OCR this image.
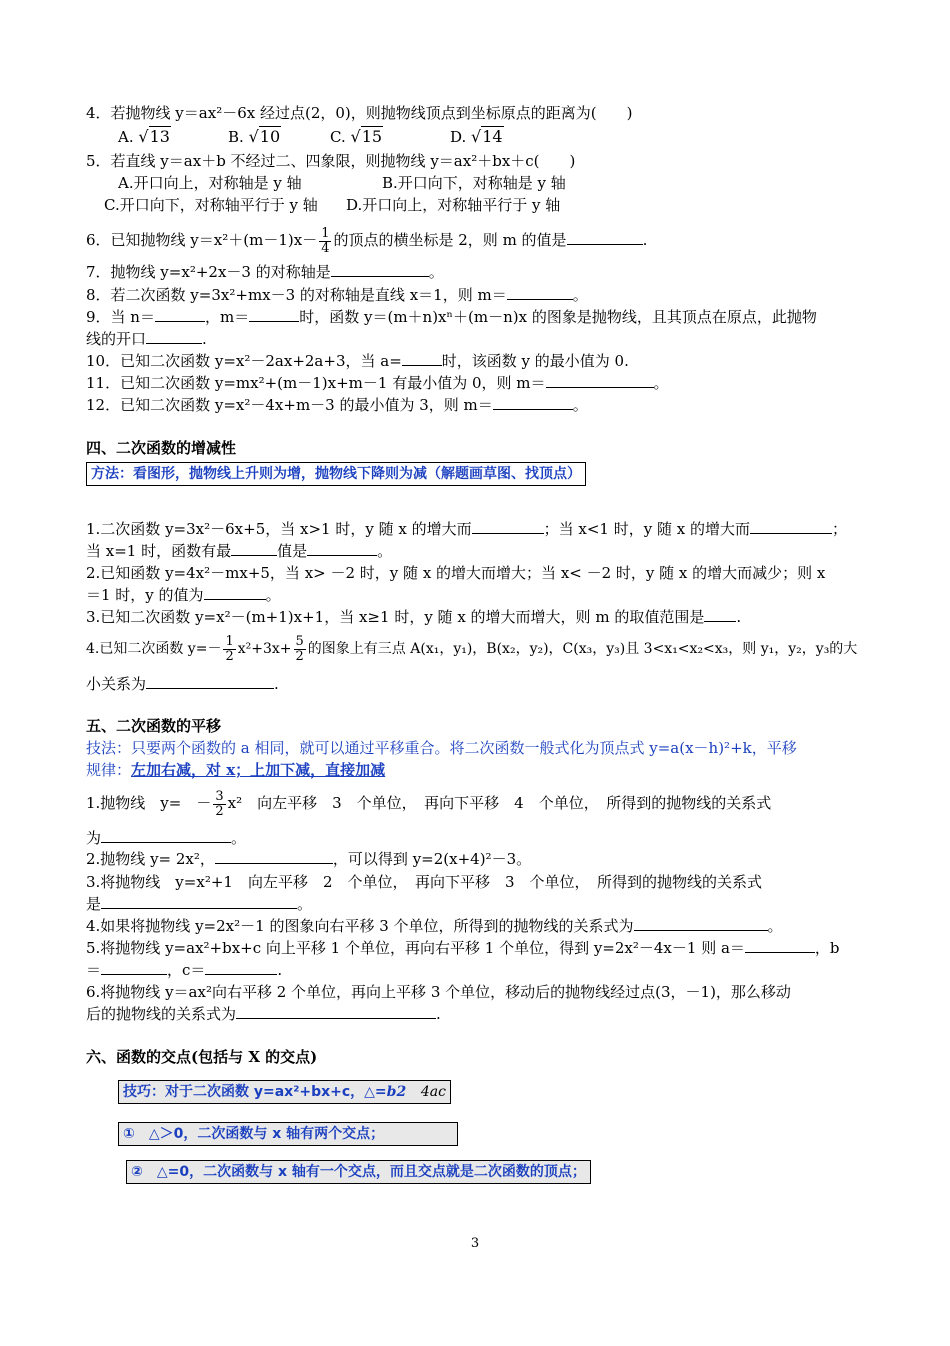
4．若抛物线 y＝ax²－6x 经过点(2，0)，则抛物线顶点到坐标原点的距离为(　　)
A. √13	B. √10	C. √15	D. √14
5．若直线 y＝ax＋b 不经过二、四象限，则抛物线 y＝ax²＋bx＋c(　　)
A.开口向上，对称轴是 y 轴	B.开口向下，对称轴是 y 轴
C.开口向下，对称轴平行于 y 轴 D.开口向上，对称轴平行于 y 轴
6．已知抛物线 $y=x^2+(m-1)x- \frac{1}{4}$ 的顶点的横坐标是 2，则 m 的值是	.
7．抛物线 y=x²+2x－3 的对称轴是	。
8．若二次函数 y=3x²+mx－3 的对称轴是直线 x＝1，则 m＝	。
9．当 n＝	，m＝	时，函数 y＝(m＋n)xⁿ＋(m－n)x 的图象是抛物线，且其顶点在原点，此抛物
线的开口	.
10．已知二次函数 y=x²－2ax+2a+3，当 a=	时，该函数 y 的最小值为 0.
11．已知二次函数 y=mx²+(m－1)x+m－1 有最小值为 0，则 m＝	。
12．已知二次函数 y=x²－4x+m－3 的最小值为 3，则 m＝	。
四、二次函数的增减性
方法：看图形，抛物线上升则为增，抛物线下降则为减（解题画草图、找顶点）
1.二次函数 y=3x²－6x+5，当 x>1 时，y 随 x 的增大而	；当 x<1 时，y 随 x 的增大而	；
当 x=1 时，函数有最	值是	。
2.已知函数 y=4x²－mx+5，当 x> －2 时，y 随 x 的增大而增大；当 x< －2 时，y 随 x 的增大而减少；则 x
＝1 时，y 的值为	。
3.已知二次函数 y=x²－(m+1)x+1，当 x≥1 时，y 随 x 的增大而增大，则 m 的取值范围是 .
4.已知二次函数 $y=- \frac{1}{2} x^2+3x+ \frac{5}{2}$ 的图象上有三点 A(x₁，y₁)，B(x₂，y₂)，C(x₃，y₃)且 3<x₁<x₂<x₃，则 y₁，y₂，y₃的大
小关系为	.
五、二次函数的平移
技法：只要两个函数的 a 相同，就可以通过平移重合。将二次函数一般式化为顶点式 y=a(x－h)²+k，平移
规律：左加右减，对 x；上加下减，直接加减
1.抛物线　y=　－ $\frac{3}{2} x^2$　向左平移　3　个单位，　再向下平移　4　个单位，　所得到的抛物线的关系式
为	。
2.抛物线 y= 2x²，	，可以得到 y=2(x+4)²－3。
3.将抛物线　y=x²+1　向左平移　2　个单位，　再向下平移　3　个单位，　所得到的抛物线的关系式
是	。
4.如果将抛物线 y=2x²－1 的图象向右平移 3 个单位，所得到的抛物线的关系式为	。
5.将抛物线 y=ax²+bx+c 向上平移 1 个单位，再向右平移 1 个单位，得到 y=2x²－4x－1 则 a＝	，b
＝	，c＝	.
6.将抛物线 y＝ax²向右平移 2 个单位，再向上平移 3 个单位，移动后的抛物线经过点(3，－1)，那么移动
后的抛物线的关系式为	.
六、函数的交点(包括与 X 的交点)
技巧：对于二次函数 y=ax²+bx+c，△=b2 4ac
①　△＞0，二次函数与 x 轴有两个交点；
②　△=0，二次函数与 x 轴有一个交点，而且交点就是二次函数的顶点；
3
